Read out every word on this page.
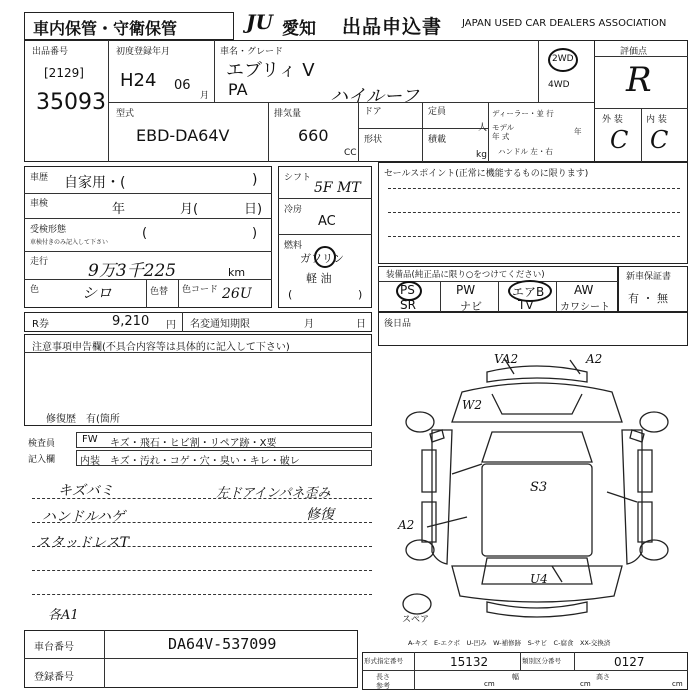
車内保管・守衛保管	JU 愛知 出品申込書 JAPAN USED CAR DEALERS ASSOCIATION
出品番号
[2129]
35093
初度登録年月
H24 06
月
車名・グレード
エブリィ V
PA	ハイルーフ
2WD
4WD
評価点
R
外 装	内 装
C C
型式
EBD-DA64V
排気量
660
CC
ドア	定員
人
形状	積載
kg
ディーラー・並 行
モデル
年 式
年
ハンドル 左・右
車歴 自家用・(	)
車検	年	月(	日)
受検形態
車検付きのみ記入して下さい
(	)
走行 9万3千225	km
色	シロ	色替 色コード 26U
シフト
5F MT
冷房
AC
燃料
ガソリン
軽 油
(	)
セールスポイント(正常に機能するものに限ります)
装備品(純正品に限り○をつけてください)
PS	PW	エアB AW
SR	ナビ	TV	カワシート
新車保証書
有 ・ 無
R券	9,210 円 名変通知期限	月	日 後日品
注意事項申告欄(不具合内容等は具体的に記入して下さい)
修復歴　有(箇所
検査員
記入欄
FW キズ・飛石・ヒビ割・リペア跡・X要
内装 キズ・汚れ・コゲ・穴・臭い・キレ・破レ
キズバミ
ハンドルハゲ
スタッドレスT
左ドアインパネ歪み
修復
各A1
VA2	A2
W2
S3
A2
U4
スペア
A-キズ　E-エクボ　U-凹み　W-補修跡　S-サビ　C-腐食　XX-交換済
車台番号	DA64V-537099
登録番号
形式指定番号	15132	類別区分番号	0127
長さ
参考	cm
幅
cm
高さ
cm
